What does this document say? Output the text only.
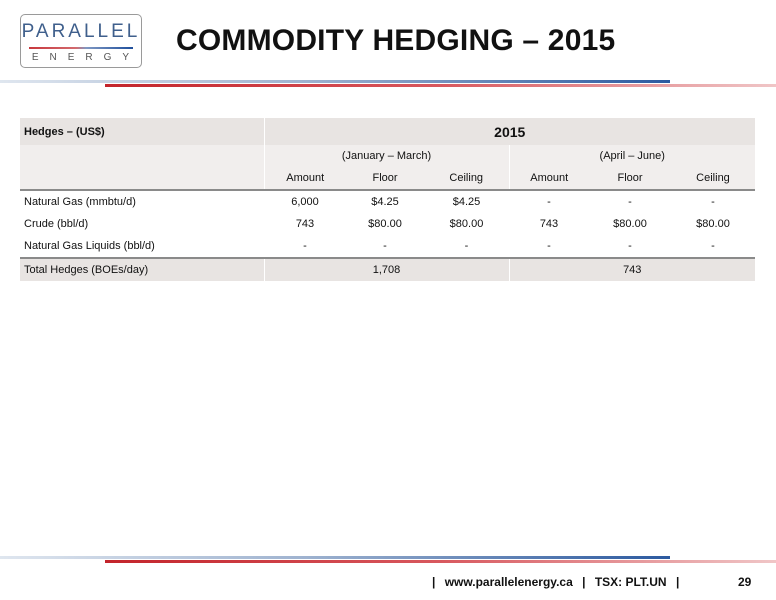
PARALLEL
ENERGY
COMMODITY HEDGING – 2015
Hedges – (US$)	2015					
	(January – March)			(April – June)		
	Amount	Floor	Ceiling	Amount	Floor	Ceiling
Natural Gas (mmbtu/d)	6,000	$4.25	$4.25	-	-	-
Crude (bbl/d)	743	$80.00	$80.00	743	$80.00	$80.00
Natural Gas Liquids (bbl/d)	-	-	-	-	-	-
Total Hedges (BOEs/day)	1,708			743		
| www.parallelenergy.ca | TSX: PLT.UN |	29
